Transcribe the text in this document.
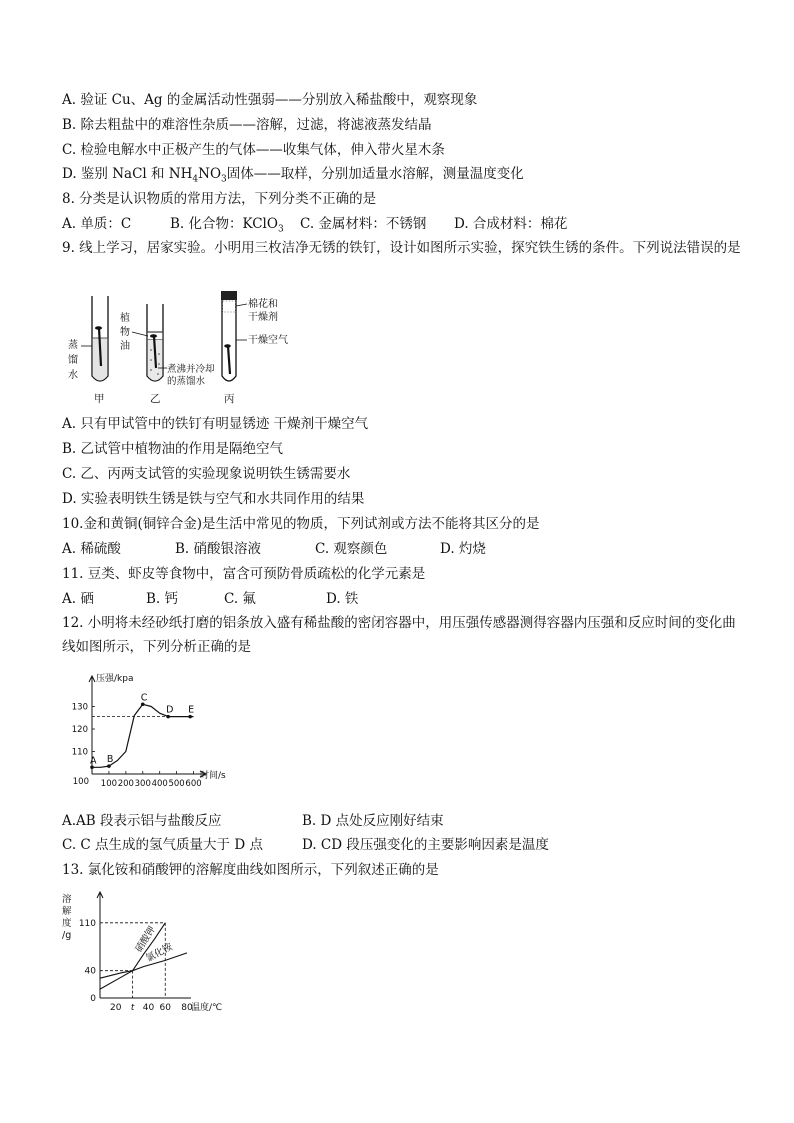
A. 验证 Cu、Ag 的金属活动性强弱——分别放入稀盐酸中，观察现象
B. 除去粗盐中的难溶性杂质——溶解，过滤，将滤液蒸发结晶
C. 检验电解水中正极产生的气体——收集气体，伸入带火星木条
D. 鉴别 NaCl 和 $NH_4NO_3$固体——取样，分别加适量水溶解，测量温度变化
8. 分类是认识物质的常用方法，下列分类不正确的是
A. 单质：C	B. 化合物：KClO$_3$ C. 金属材料：不锈钢 D. 合成材料：棉花
9. 线上学习，居家实验。小明用三枚洁净无锈的铁钉，设计如图所示实验，探究铁生锈的条件。下列说法错误的是
蒸
馏
水
植
物
油
煮沸并冷却
的蒸馏水
棉花和
干燥剂
干燥空气
甲	乙	丙
A. 只有甲试管中的铁钉有明显锈迹 干燥剂干燥空气
B. 乙试管中植物油的作用是隔绝空气
C. 乙、丙两支试管的实验现象说明铁生锈需要水
D. 实验表明铁生锈是铁与空气和水共同作用的结果
10.金和黄铜(铜锌合金)是生活中常见的物质，下列试剂或方法不能将其区分的是
A. 稀硫酸	B. 硝酸银溶液	C. 观察颜色	D. 灼烧
11. 豆类、虾皮等食物中，富含可预防骨质疏松的化学元素是
A. 硒	B. 钙	C. 氟	D. 铁
12. 小明将未经砂纸打磨的铝条放入盛有稀盐酸的密闭容器中，用压强传感器测得容器内压强和反应时间的变化曲线如图所示，下列分析正确的是
压强/kpa
时间/s
100 200 300 400 500 600
100
110
120
130
A B
C
D E
A.AB 段表示铝与盐酸反应	B. D 点处反应刚好结束
C. C 点生成的氢气质量大于 D 点	D. CD 段压强变化的主要影响因素是温度
13. 氯化铵和硝酸钾的溶解度曲线如图所示，下列叙述正确的是
溶
解
度
/g
20 t 40 60 80
温度/℃
0
40
110
硝酸钾
氯化铵
